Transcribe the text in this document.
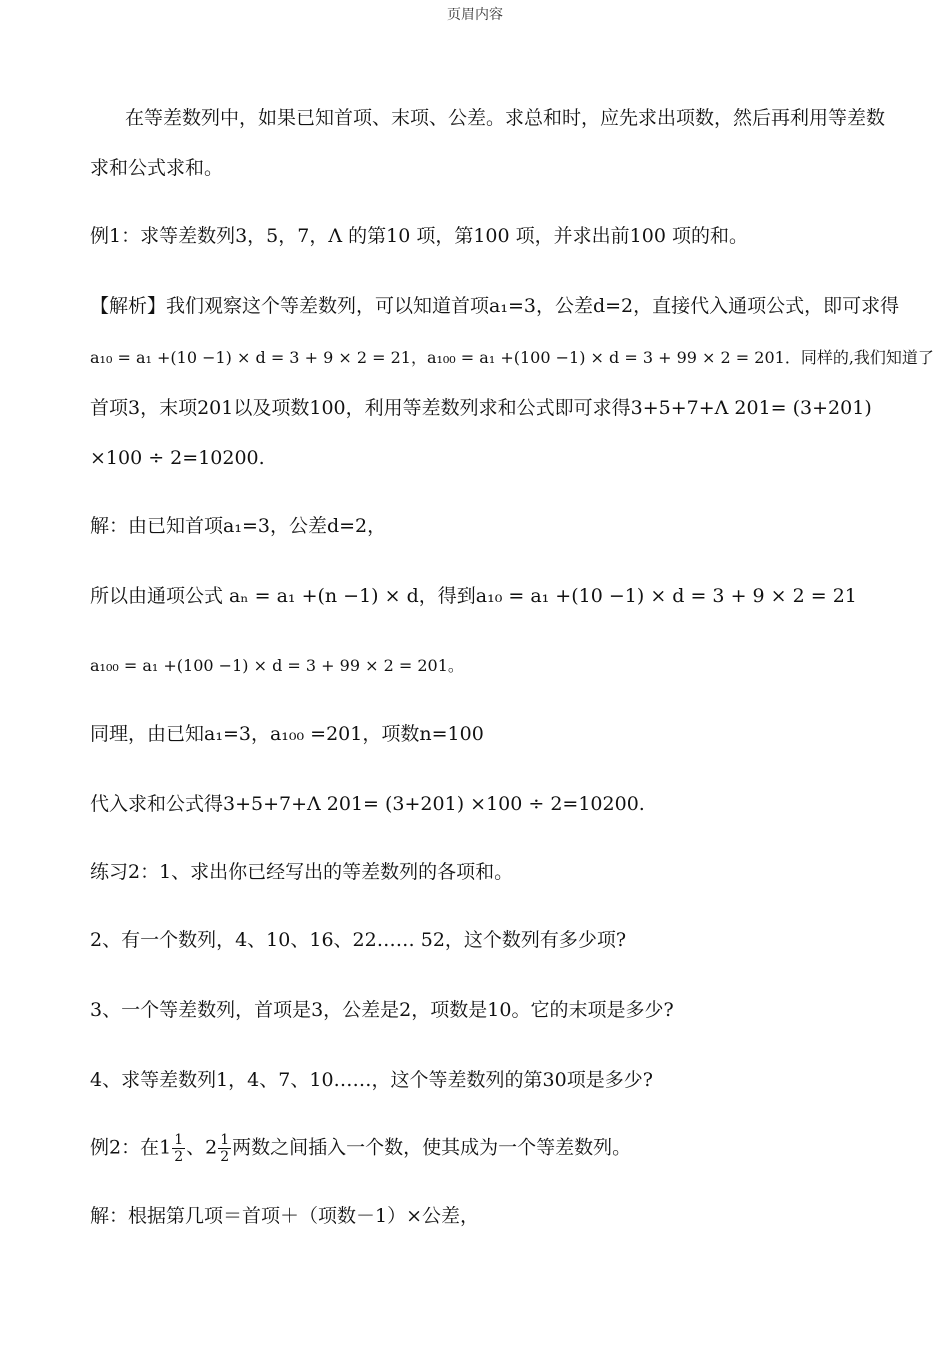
页眉内容
在等差数列中，如果已知首项、末项、公差。求总和时，应先求出项数，然后再利用等差数
求和公式求和。
例1：求等差数列3，5，7，Λ 的第10 项，第100 项，并求出前100 项的和。
【解析】我们观察这个等差数列，可以知道首项a₁=3，公差d=2，直接代入通项公式，即可求得
a₁₀ = a₁ +(10 −1) × d = 3 + 9 × 2 = 21，a₁₀₀ = a₁ +(100 −1) × d = 3 + 99 × 2 = 201．同样的,我们知道了
首项3，末项201以及项数100，利用等差数列求和公式即可求得3+5+7+Λ 201= (3+201)
×100 ÷ 2=10200.
解：由已知首项a₁=3，公差d=2，
所以由通项公式 aₙ = a₁ +(n −1) × d，得到a₁₀ = a₁ +(10 −1) × d = 3 + 9 × 2 = 21
a₁₀₀ = a₁ +(100 −1) × d = 3 + 99 × 2 = 201。
同理，由已知a₁=3，a₁₀₀ =201，项数n=100
代入求和公式得3+5+7+Λ 201= (3+201) ×100 ÷ 2=10200.
练习2：1、求出你已经写出的等差数列的各项和。
2、有一个数列，4、10、16、22…… 52，这个数列有多少项?
3、一个等差数列，首项是3，公差是2，项数是10。它的末项是多少?
4、求等差数列1，4、7、10……，这个等差数列的第30项是多少?
例2：在$1 \frac{1}{2}$ 、$2 \frac{1}{2}$ 两数之间插入一个数，使其成为一个等差数列。
解：根据第几项＝首项＋（项数－1）×公差，
